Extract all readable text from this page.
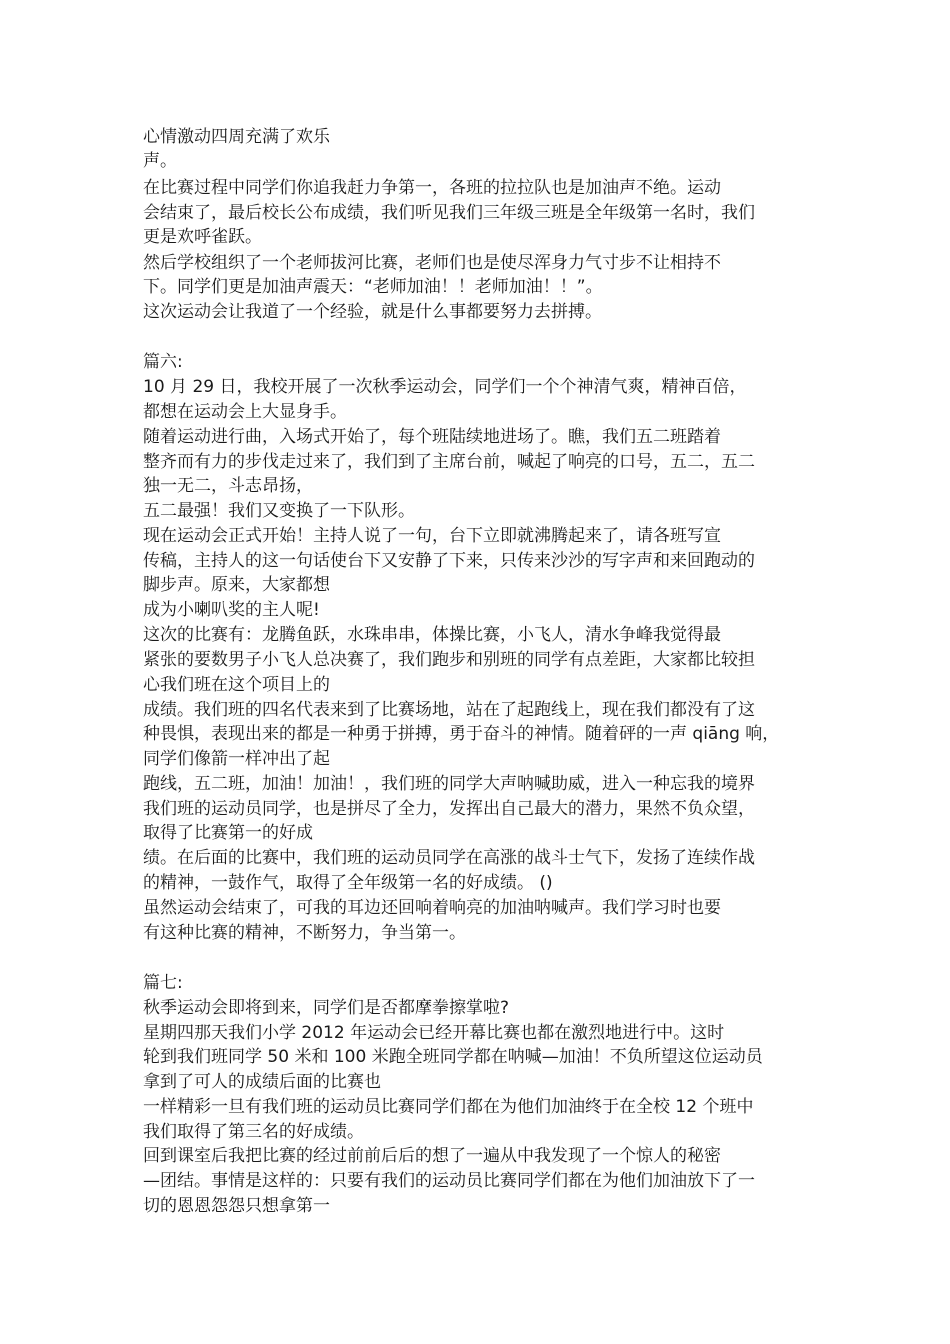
心情激动四周充满了欢乐
声。
在比赛过程中同学们你追我赶力争第一，各班的拉拉队也是加油声不绝。运动
会结束了，最后校长公布成绩，我们听见我们三年级三班是全年级第一名时，我们
更是欢呼雀跃。
然后学校组织了一个老师拔河比赛，老师们也是使尽浑身力气寸步不让相持不
下。同学们更是加油声震天：“老师加油！！老师加油！！”。
这次运动会让我道了一个经验，就是什么事都要努力去拼搏。
篇六:
10 月 29 日，我校开展了一次秋季运动会，同学们一个个神清气爽，精神百倍，
都想在运动会上大显身手。
随着运动进行曲，入场式开始了，每个班陆续地进场了。瞧，我们五二班踏着
整齐而有力的步伐走过来了，我们到了主席台前，喊起了响亮的口号，五二，五二
独一无二，斗志昂扬，
五二最强！我们又变换了一下队形。
现在运动会正式开始！主持人说了一句，台下立即就沸腾起来了，请各班写宣
传稿，主持人的这一句话使台下又安静了下来，只传来沙沙的写字声和来回跑动的
脚步声。原来，大家都想
成为小喇叭奖的主人呢!
这次的比赛有：龙腾鱼跃，水珠串串，体操比赛，小飞人，清水争峰我觉得最
紧张的要数男子小飞人总决赛了，我们跑步和别班的同学有点差距，大家都比较担
心我们班在这个项目上的
成绩。我们班的四名代表来到了比赛场地，站在了起跑线上，现在我们都没有了这
种畏惧，表现出来的都是一种勇于拼搏，勇于奋斗的神情。随着砰的一声 qiāng 响，
同学们像箭一样冲出了起
跑线，五二班，加油！加油！，我们班的同学大声呐喊助威，进入一种忘我的境界
我们班的运动员同学，也是拼尽了全力，发挥出自己最大的潜力，果然不负众望，
取得了比赛第一的好成
绩。在后面的比赛中，我们班的运动员同学在高涨的战斗士气下，发扬了连续作战
的精神，一鼓作气，取得了全年级第一名的好成绩。 ()
虽然运动会结束了，可我的耳边还回响着响亮的加油呐喊声。我们学习时也要
有这种比赛的精神，不断努力，争当第一。
篇七:
秋季运动会即将到来，同学们是否都摩拳擦掌啦?
星期四那天我们小学 2012 年运动会已经开幕比赛也都在激烈地进行中。这时
轮到我们班同学 50 米和 100 米跑全班同学都在呐喊—加油！不负所望这位运动员
拿到了可人的成绩后面的比赛也
一样精彩一旦有我们班的运动员比赛同学们都在为他们加油终于在全校 12 个班中
我们取得了第三名的好成绩。
回到课室后我把比赛的经过前前后后的想了一遍从中我发现了一个惊人的秘密
—团结。事情是这样的：只要有我们的运动员比赛同学们都在为他们加油放下了一
切的恩恩怨怨只想拿第一
